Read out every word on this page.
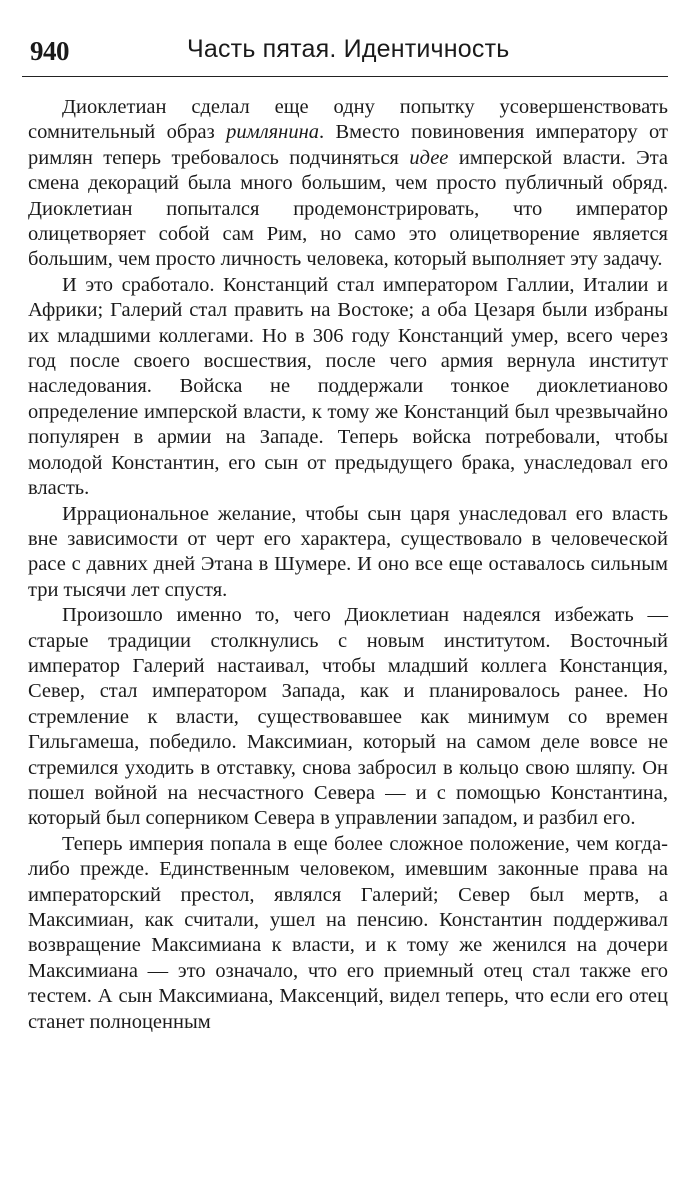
940	Часть пятая. Идентичность

Диоклетиан сделал еще одну попытку усовершенствовать сомнительный образ римлянина. Вместо повиновения императору от римлян теперь требовалось подчиняться идее имперской власти. Эта смена декораций была много большим, чем просто публичный обряд. Диоклетиан попытался продемонстрировать, что император олицетворяет собой сам Рим, но само это олицетворение является большим, чем просто личность человека, который выполняет эту задачу.

И это сработало. Констанций стал императором Галлии, Италии и Африки; Галерий стал править на Востоке; а оба Цезаря были избраны их младшими коллегами. Но в 306 году Констанций умер, всего через год после своего восшествия, после чего армия вернула институт наследования. Войска не поддержали тонкое диоклетианово определение имперской власти, к тому же Констанций был чрезвычайно популярен в армии на Западе. Теперь войска потребовали, чтобы молодой Константин, его сын от предыдущего брака, унаследовал его власть.

Иррациональное желание, чтобы сын царя унаследовал его власть вне зависимости от черт его характера, существовало в человеческой расе с давних дней Этана в Шумере. И оно все еще оставалось сильным три тысячи лет спустя.

Произошло именно то, чего Диоклетиан надеялся избежать — старые традиции столкнулись с новым институтом. Восточный император Галерий настаивал, чтобы младший коллега Констанция, Север, стал императором Запада, как и планировалось ранее. Но стремление к власти, существовавшее как минимум со времен Гильгамеша, победило. Максимиан, который на самом деле вовсе не стремился уходить в отставку, снова забросил в кольцо свою шляпу. Он пошел войной на несчастного Севера — и с помощью Константина, который был соперником Севера в управлении западом, и разбил его.

Теперь империя попала в еще более сложное положение, чем когда-либо прежде. Единственным человеком, имевшим законные права на императорский престол, являлся Галерий; Север был мертв, а Максимиан, как считали, ушел на пенсию. Константин поддерживал возвращение Максимиана к власти, и к тому же женился на дочери Максимиана — это означало, что его приемный отец стал также его тестем. А сын Максимиана, Максенций, видел теперь, что если его отец станет полноценным
